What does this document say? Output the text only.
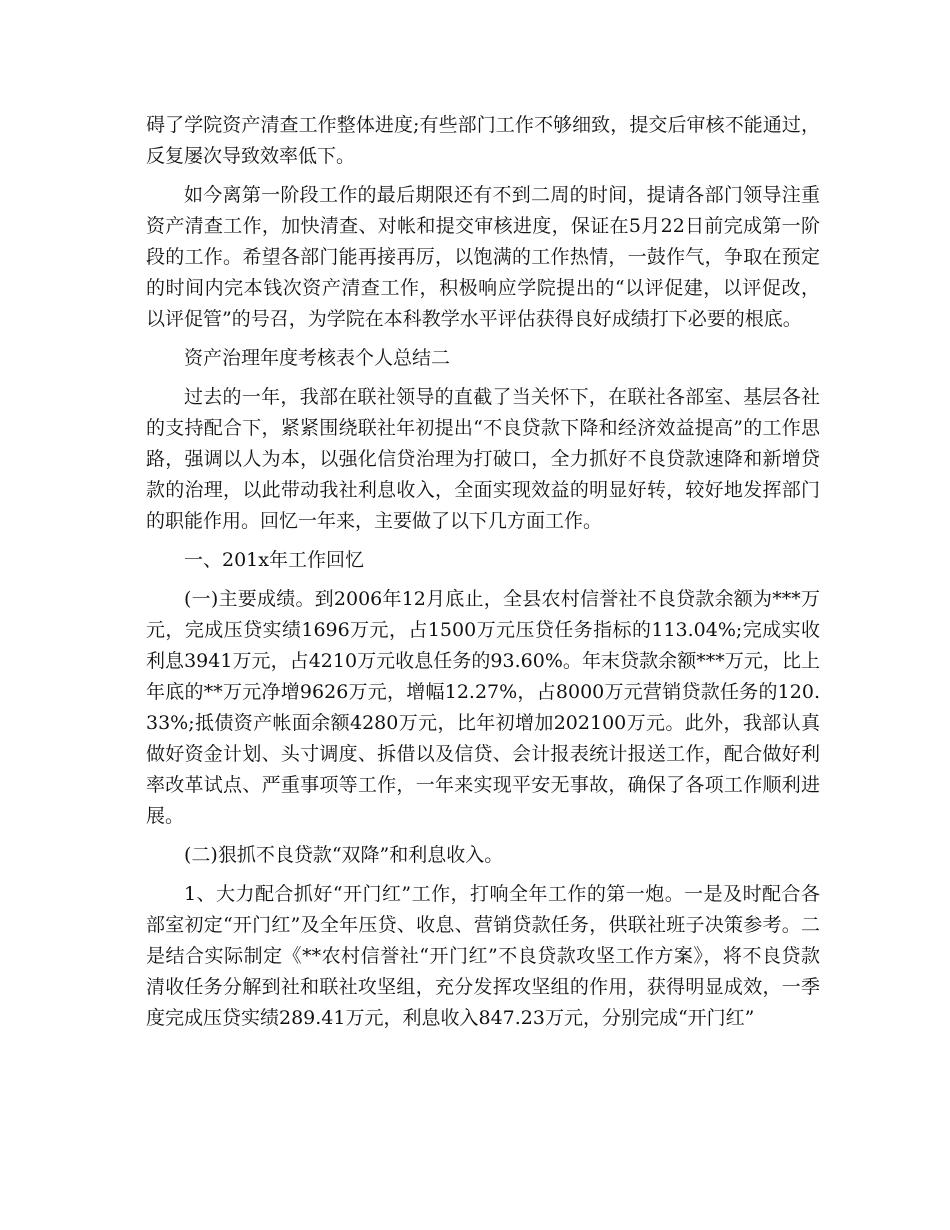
碍了学院资产清查工作整体进度;有些部门工作不够细致，提交后审核不能通过，反复屡次导致效率低下。

如今离第一阶段工作的最后期限还有不到二周的时间，提请各部门领导注重资产清查工作，加快清查、对帐和提交审核进度，保证在5月22日前完成第一阶段的工作。希望各部门能再接再厉，以饱满的工作热情，一鼓作气，争取在预定的时间内完本钱次资产清查工作，积极响应学院提出的“以评促建，以评促改，以评促管”的号召，为学院在本科教学水平评估获得良好成绩打下必要的根底。

资产治理年度考核表个人总结二

过去的一年，我部在联社领导的直截了当关怀下，在联社各部室、基层各社的支持配合下，紧紧围绕联社年初提出“不良贷款下降和经济效益提高”的工作思路，强调以人为本，以强化信贷治理为打破口，全力抓好不良贷款速降和新增贷款的治理，以此带动我社利息收入，全面实现效益的明显好转，较好地发挥部门的职能作用。回忆一年来，主要做了以下几方面工作。

一、201x年工作回忆

(一)主要成绩。到2006年12月底止，全县农村信誉社不良贷款余额为***万元，完成压贷实绩1696万元，占1500万元压贷任务指标的113.04%;完成实收利息3941万元，占4210万元收息任务的93.60%。年末贷款余额***万元，比上年底的**万元净增9626万元，增幅12.27%，占8000万元营销贷款任务的120.33%;抵债资产帐面余额4280万元，比年初增加202100万元。此外，我部认真做好资金计划、头寸调度、拆借以及信贷、会计报表统计报送工作，配合做好利率改革试点、严重事项等工作，一年来实现平安无事故，确保了各项工作顺利进展。

(二)狠抓不良贷款“双降”和利息收入。

1、大力配合抓好“开门红”工作，打响全年工作的第一炮。一是及时配合各部室初定“开门红”及全年压贷、收息、营销贷款任务，供联社班子决策参考。二是结合实际制定《**农村信誉社“开门红”不良贷款攻坚工作方案》，将不良贷款清收任务分解到社和联社攻坚组，充分发挥攻坚组的作用，获得明显成效，一季度完成压贷实绩289.41万元，利息收入847.23万元，分别完成“开门红”
